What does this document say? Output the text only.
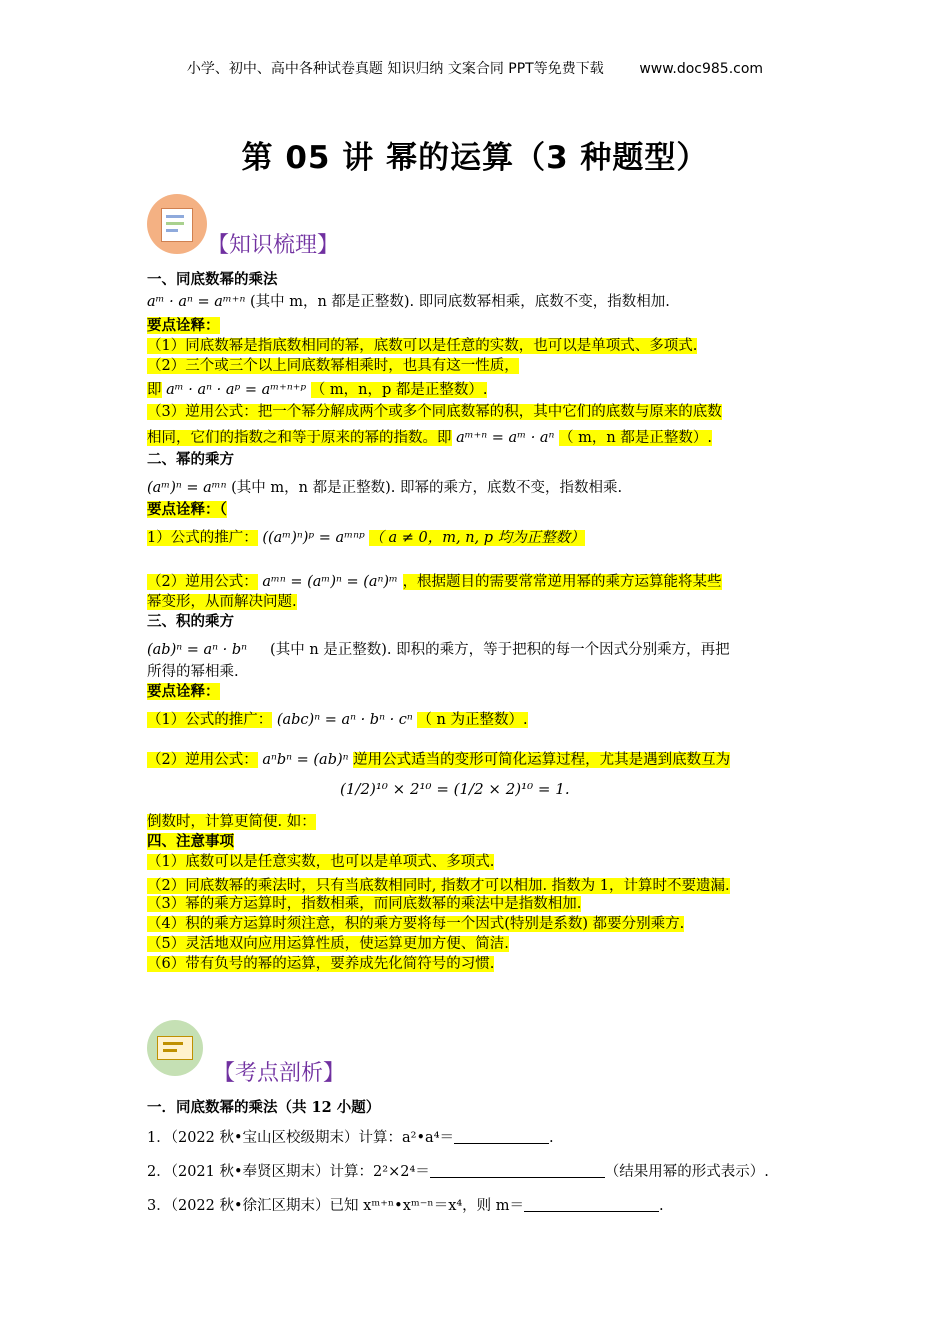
小学、初中、高中各种试卷真题 知识归纳 文案合同 PPT等免费下载	www.doc985.com
第 05 讲 幂的运算（3 种题型）
【知识梳理】
一、同底数幂的乘法
aᵐ · aⁿ = aᵐ⁺ⁿ (其中 m，n 都是正整数). 即同底数幂相乘，底数不变，指数相加.
要点诠释：
（1）同底数幂是指底数相同的幂，底数可以是任意的实数，也可以是单项式、多项式.
（2）三个或三个以上同底数幂相乘时，也具有这一性质，
即 aᵐ · aⁿ · aᵖ = aᵐ⁺ⁿ⁺ᵖ （ m，n，p 都是正整数）.
（3）逆用公式：把一个幂分解成两个或多个同底数幂的积，其中它们的底数与原来的底数
相同，它们的指数之和等于原来的幂的指数。即 aᵐ⁺ⁿ = aᵐ · aⁿ （ m，n 都是正整数）.
二、幂的乘方
(aᵐ)ⁿ = aᵐⁿ (其中 m，n 都是正整数). 即幂的乘方，底数不变，指数相乘.
要点诠释：（
1）公式的推广： ((aᵐ)ⁿ)ᵖ = aᵐⁿᵖ （ a ≠ 0，m, n, p 均为正整数）
（2）逆用公式： aᵐⁿ = (aᵐ)ⁿ = (aⁿ)ᵐ ，根据题目的需要常常逆用幂的乘方运算能将某些
幂变形，从而解决问题.
三、积的乘方
(ab)ⁿ = aⁿ · bⁿ (其中 n 是正整数). 即积的乘方，等于把积的每一个因式分别乘方，再把
所得的幂相乘.
要点诠释：
（1）公式的推广： (abc)ⁿ = aⁿ · bⁿ · cⁿ （ n 为正整数）.
（2）逆用公式： aⁿbⁿ = (ab)ⁿ 逆用公式适当的变形可简化运算过程，尤其是遇到底数互为
(1/2)¹⁰ × 2¹⁰ = (1/2 × 2)¹⁰ = 1.
倒数时，计算更简便. 如：
四、注意事项
（1）底数可以是任意实数，也可以是单项式、多项式.
（2）同底数幂的乘法时，只有当底数相同时, 指数才可以相加. 指数为 1，计算时不要遗漏.
（3）幂的乘方运算时，指数相乘，而同底数幂的乘法中是指数相加.
（4）积的乘方运算时须注意，积的乘方要将每一个因式(特别是系数) 都要分别乘方.
（5）灵活地双向应用运算性质，使运算更加方便、简洁.
（6）带有负号的幂的运算，要养成先化简符号的习惯.
【考点剖析】
一．同底数幂的乘法（共 12 小题）
1．（2022 秋•宝山区校级期末）计算：a²•a⁴＝	.
2．（2021 秋•奉贤区期末）计算：2²×2⁴＝	（结果用幂的形式表示）.
3．（2022 秋•徐汇区期末）已知 xᵐ⁺ⁿ•xᵐ⁻ⁿ＝x⁴，则 m＝	.
